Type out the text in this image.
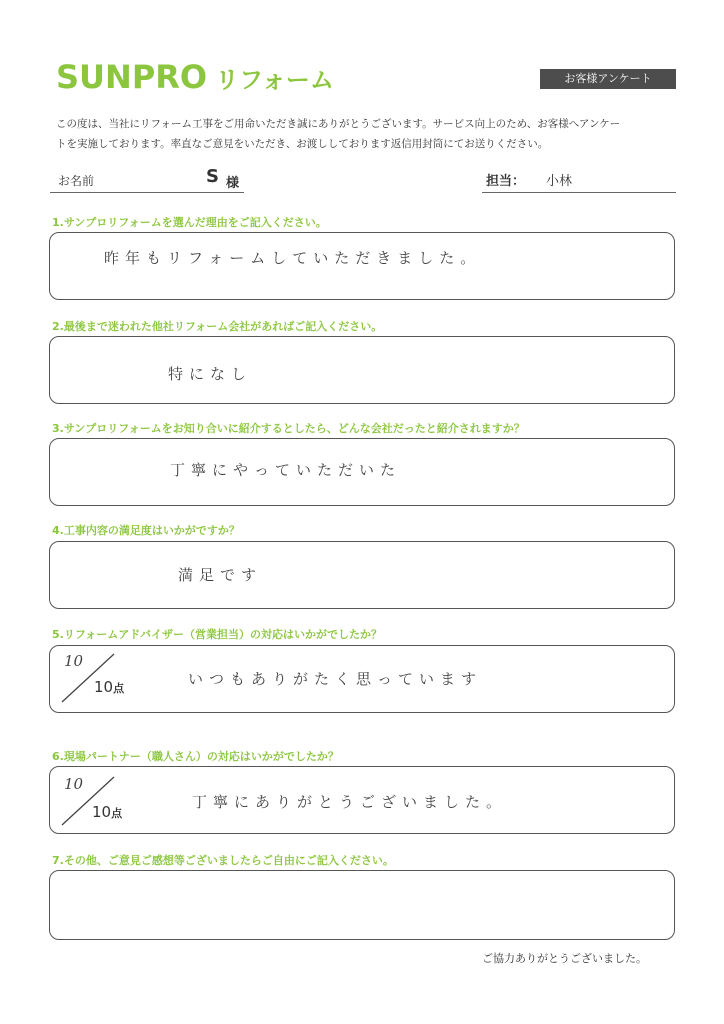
SUNPRO リフォーム	お客様アンケート
この度は、当社にリフォーム工事をご用命いただき誠にありがとうございます。サービス向上のため、お客様へアンケー
トを実施しております。率直なご意見をいただき、お渡ししております返信用封筒にてお送りください。
お名前	S 様	担当： 小林
1.サンプロリフォームを選んだ理由をご記入ください。
昨年もリフォームしていただきました。
2.最後まで迷われた他社リフォーム会社があればご記入ください。
特になし
3.サンプロリフォームをお知り合いに紹介するとしたら、どんな会社だったと紹介されますか？
丁寧にやっていただいた
4.工事内容の満足度はいかがですか？
満足です
5.リフォームアドバイザー（営業担当）の対応はいかがでしたか？
10
10点
いつもありがたく思っています
6.現場パートナー（職人さん）の対応はいかがでしたか？
10
10点
丁寧にありがとうございました。
7.その他、ご意見ご感想等ございましたらご自由にご記入ください。
ご協力ありがとうございました。
